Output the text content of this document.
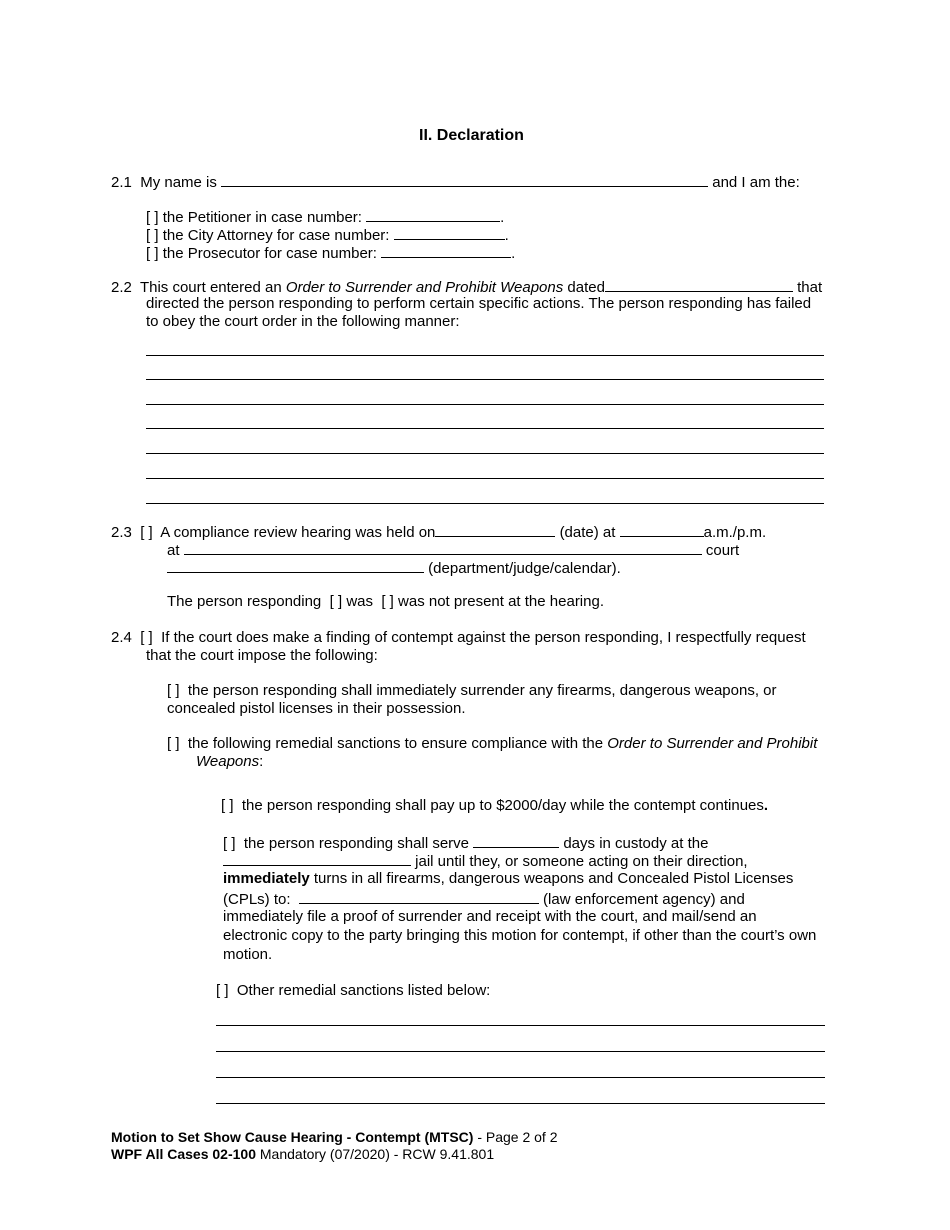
II. Declaration
2.1 My name is	and I am the:
[ ] the Petitioner in case number:	.
[ ] the City Attorney for case number:	.
[ ] the Prosecutor for case number:	.
2.2 This court entered an Order to Surrender and Prohibit Weapons dated	that
directed the person responding to perform certain specific actions. The person responding has failed
to obey the court order in the following manner:
2.3 [ ] A compliance review hearing was held on	(date) at	a.m./p.m.
at	court
(department/judge/calendar).
The person responding [ ] was [ ] was not present at the hearing.
2.4 [ ] If the court does make a finding of contempt against the person responding, I respectfully request
that the court impose the following:
[ ] the person responding shall immediately surrender any firearms, dangerous weapons, or
concealed pistol licenses in their possession.
[ ] the following remedial sanctions to ensure compliance with the Order to Surrender and Prohibit
Weapons:
[ ] the person responding shall pay up to $2000/day while the contempt continues.
[ ] the person responding shall serve	days in custody at the
jail until they, or someone acting on their direction,
immediately turns in all firearms, dangerous weapons and Concealed Pistol Licenses
(CPLs) to:	(law enforcement agency) and
immediately file a proof of surrender and receipt with the court, and mail/send an
electronic copy to the party bringing this motion for contempt, if other than the court’s own
motion.
[ ] Other remedial sanctions listed below:
Motion to Set Show Cause Hearing - Contempt (MTSC) - Page 2 of 2
WPF All Cases 02-100 Mandatory (07/2020) - RCW 9.41.801
